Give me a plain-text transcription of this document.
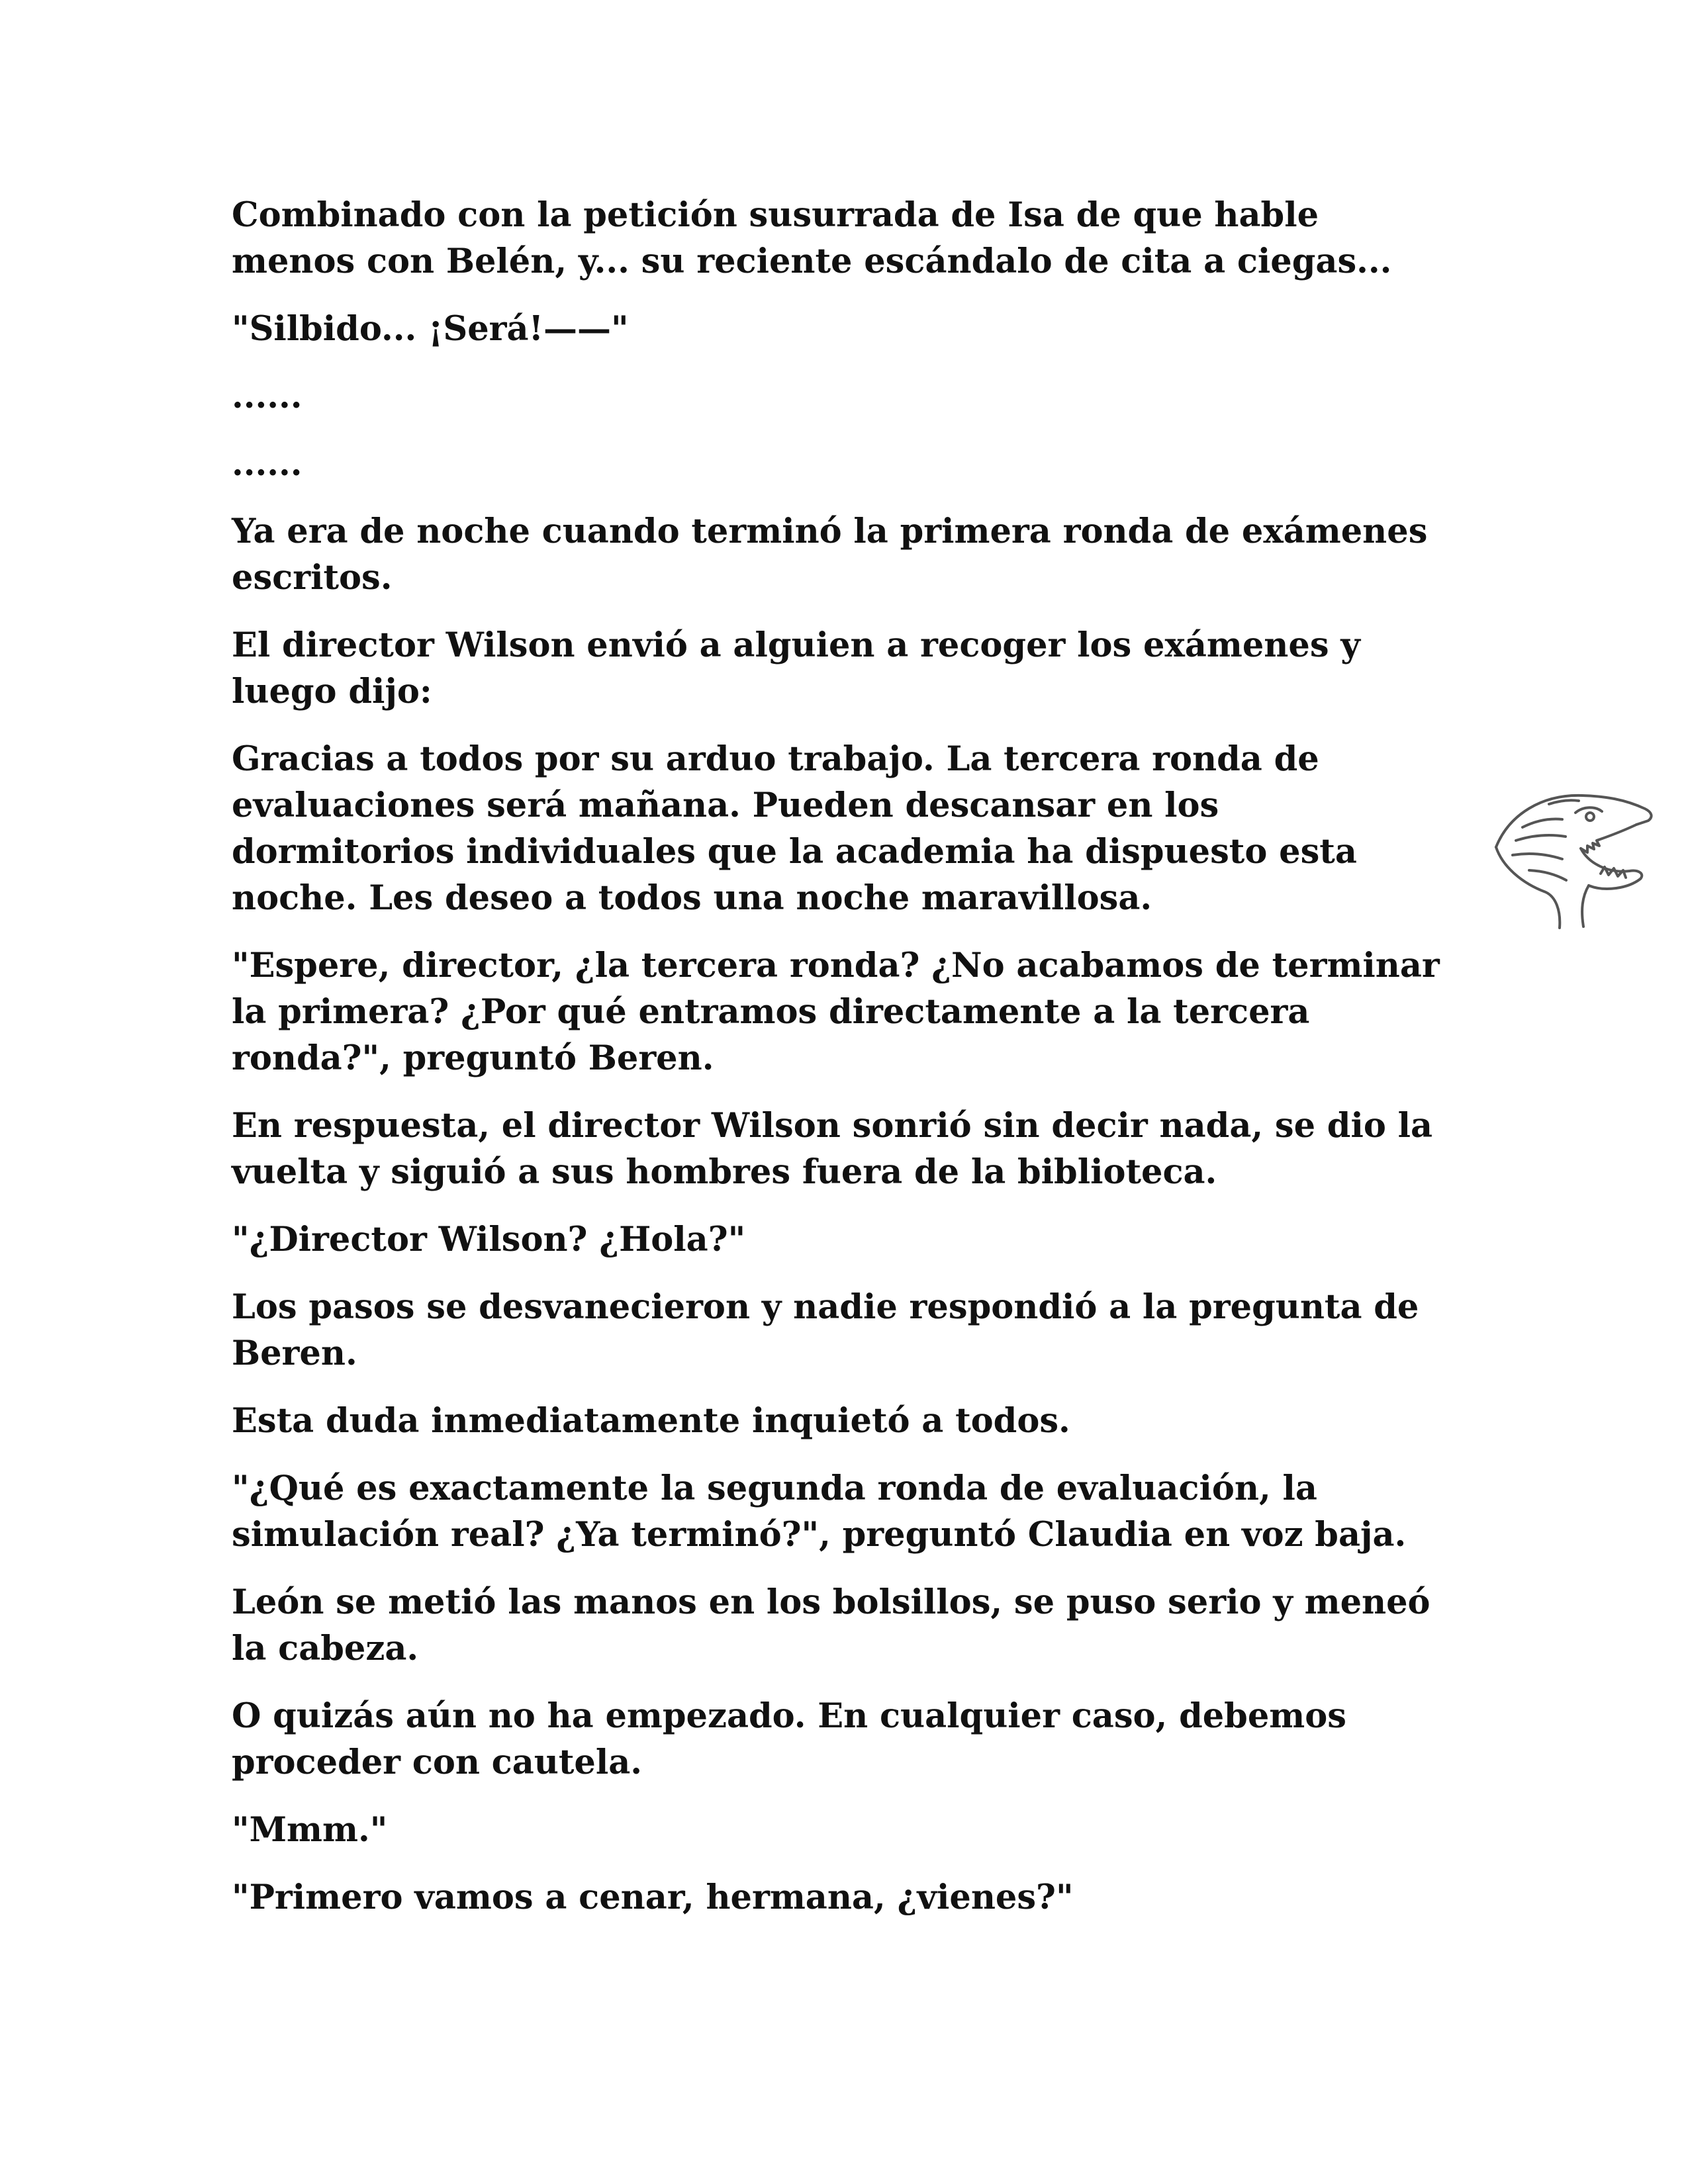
Combinado con la petición susurrada de Isa de que hable menos con Belén, y... su reciente escándalo de cita a ciegas...

"Silbido... ¡Será!——"

......

......

Ya era de noche cuando terminó la primera ronda de exámenes escritos.

El director Wilson envió a alguien a recoger los exámenes y luego dijo:

Gracias a todos por su arduo trabajo. La tercera ronda de evaluaciones será mañana. Pueden descansar en los dormitorios individuales que la academia ha dispuesto esta noche. Les deseo a todos una noche maravillosa.

"Espere, director, ¿la tercera ronda? ¿No acabamos de terminar la primera? ¿Por qué entramos directamente a la tercera ronda?", preguntó Beren.

En respuesta, el director Wilson sonrió sin decir nada, se dio la vuelta y siguió a sus hombres fuera de la biblioteca.

"¿Director Wilson? ¿Hola?"

Los pasos se desvanecieron y nadie respondió a la pregunta de Beren.

Esta duda inmediatamente inquietó a todos.

"¿Qué es exactamente la segunda ronda de evaluación, la simulación real? ¿Ya terminó?", preguntó Claudia en voz baja.

León se metió las manos en los bolsillos, se puso serio y meneó la cabeza.

O quizás aún no ha empezado. En cualquier caso, debemos proceder con cautela.

"Mmm."

"Primero vamos a cenar, hermana, ¿vienes?"
